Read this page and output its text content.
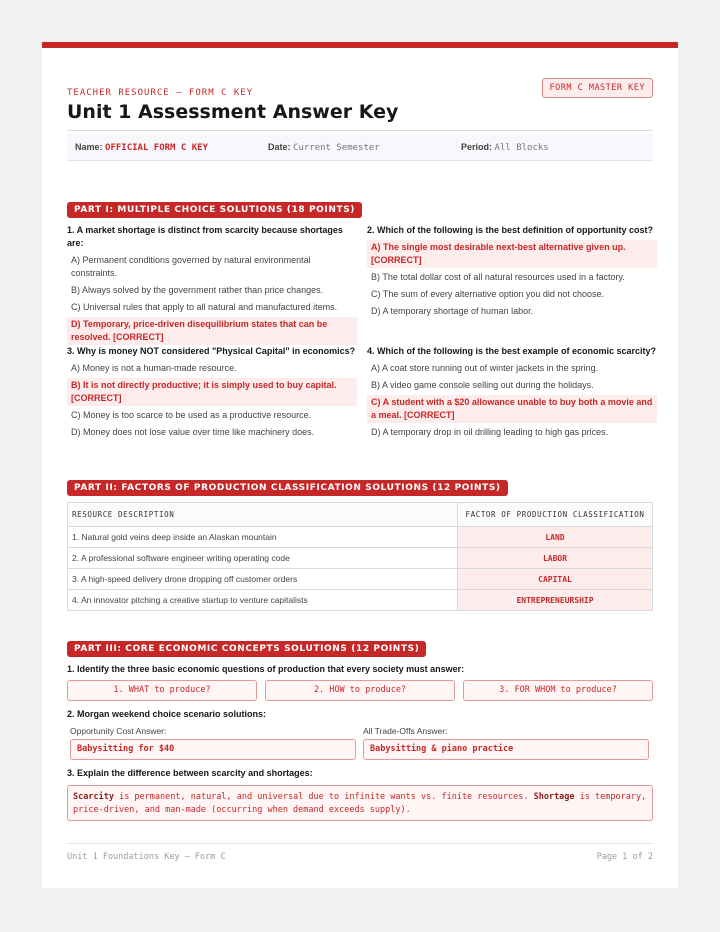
TEACHER RESOURCE — FORM C KEY
Unit 1 Assessment Answer Key
FORM C MASTER KEY
Name: OFFICIAL FORM C KEY	Date: Current Semester	Period: All Blocks
PART I: MULTIPLE CHOICE SOLUTIONS (18 POINTS)
1. A market shortage is distinct from scarcity because shortages are:
A) Permanent conditions governed by natural environmental constraints.
B) Always solved by the government rather than price changes.
C) Universal rules that apply to all natural and manufactured items.
D) Temporary, price-driven disequilibrium states that can be resolved. [CORRECT]
2. Which of the following is the best definition of opportunity cost?
A) The single most desirable next-best alternative given up. [CORRECT]
B) The total dollar cost of all natural resources used in a factory.
C) The sum of every alternative option you did not choose.
D) A temporary shortage of human labor.
3. Why is money NOT considered "Physical Capital" in economics?
A) Money is not a human-made resource.
B) It is not directly productive; it is simply used to buy capital. [CORRECT]
C) Money is too scarce to be used as a productive resource.
D) Money does not lose value over time like machinery does.
4. Which of the following is the best example of economic scarcity?
A) A coat store running out of winter jackets in the spring.
B) A video game console selling out during the holidays.
C) A student with a $20 allowance unable to buy both a movie and a meal. [CORRECT]
D) A temporary drop in oil drilling leading to high gas prices.
PART II: FACTORS OF PRODUCTION CLASSIFICATION SOLUTIONS (12 POINTS)
RESOURCE DESCRIPTION	FACTOR OF PRODUCTION CLASSIFICATION
1. Natural gold veins deep inside an Alaskan mountain	LAND
2. A professional software engineer writing operating code	LABOR
3. A high-speed delivery drone dropping off customer orders	CAPITAL
4. An innovator pitching a creative startup to venture capitalists	ENTREPRENEURSHIP
PART III: CORE ECONOMIC CONCEPTS SOLUTIONS (12 POINTS)
1. Identify the three basic economic questions of production that every society must answer:
1. WHAT to produce?	2. HOW to produce?	3. FOR WHOM to produce?
2. Morgan weekend choice scenario solutions:
Opportunity Cost Answer:
Babysitting for $40
All Trade-Offs Answer:
Babysitting & piano practice
3. Explain the difference between scarcity and shortages:
Scarcity is permanent, natural, and universal due to infinite wants vs. finite resources. Shortage is temporary, price-driven, and man-made (occurring when demand exceeds supply).
Unit 1 Foundations Key — Form C	Page 1 of 2
